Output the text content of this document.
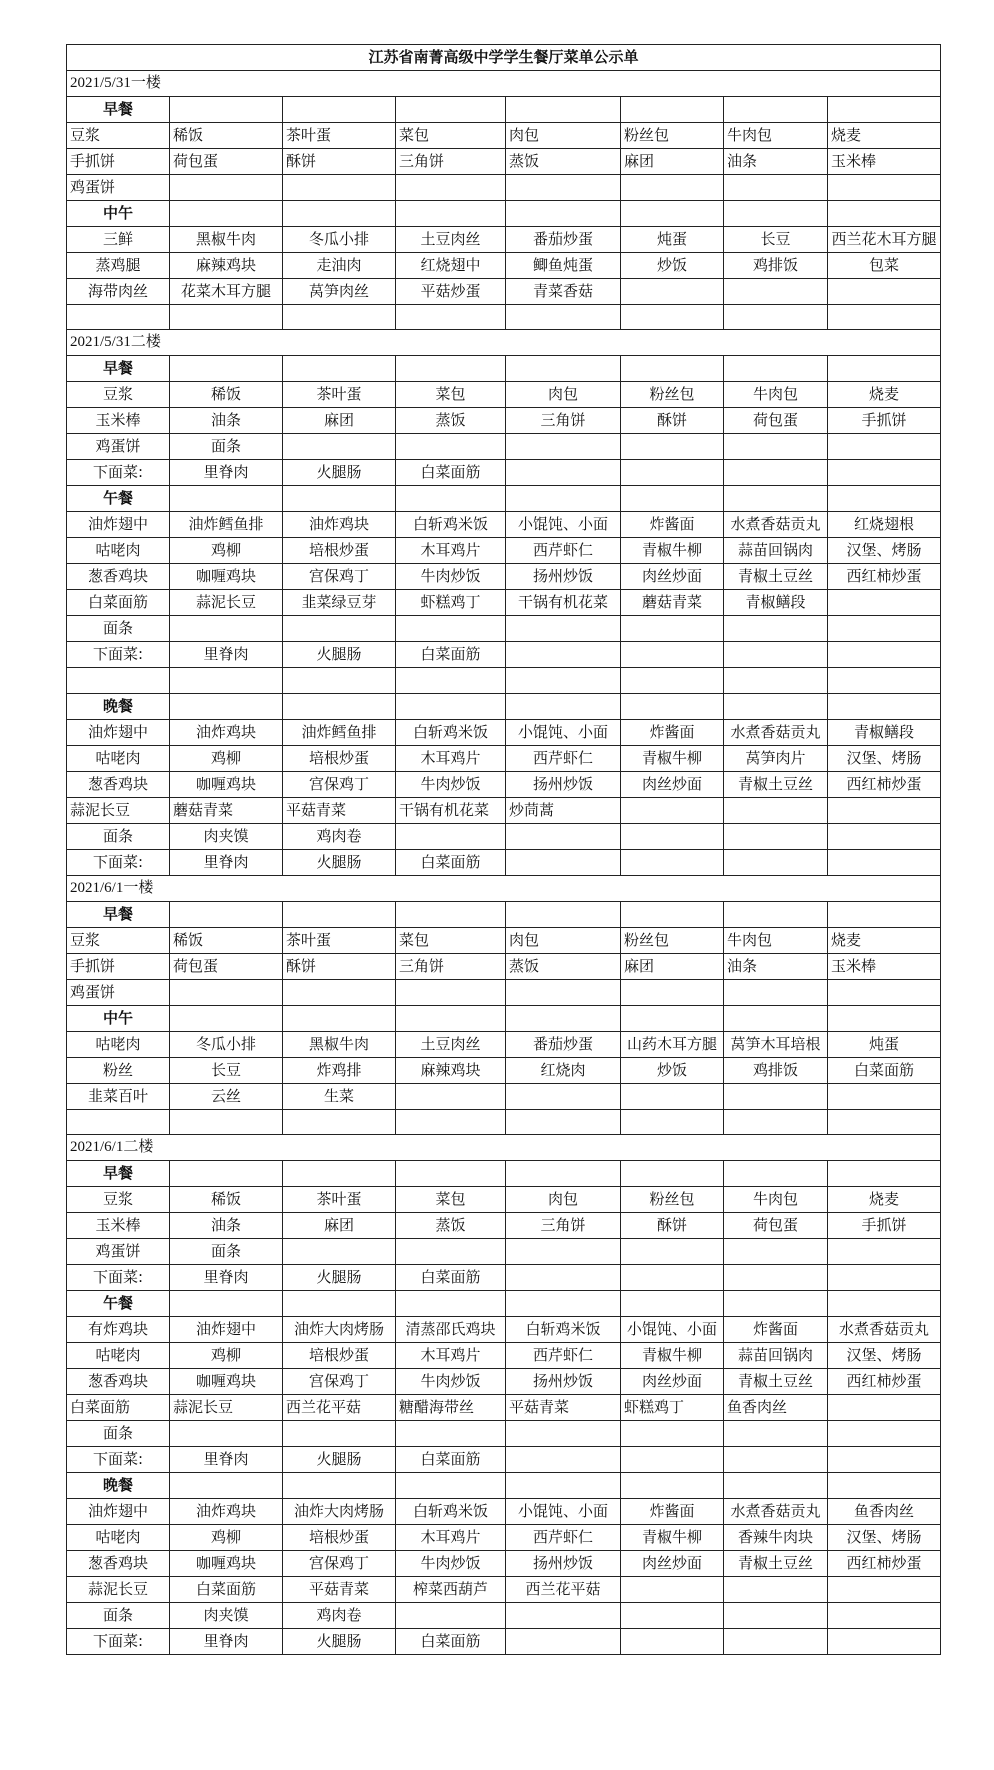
江苏省南菁高级中学学生餐厅菜单公示单							
2021/5/31一楼							
早餐							
豆浆	稀饭	茶叶蛋	菜包	肉包	粉丝包	牛肉包	烧麦
手抓饼	荷包蛋	酥饼	三角饼	蒸饭	麻团	油条	玉米棒
鸡蛋饼							
中午							
三鲜	黑椒牛肉	冬瓜小排	土豆肉丝	番茄炒蛋	炖蛋	长豆	西兰花木耳方腿
蒸鸡腿	麻辣鸡块	走油肉	红烧翅中	鲫鱼炖蛋	炒饭	鸡排饭	包菜
海带肉丝	花菜木耳方腿	莴笋肉丝	平菇炒蛋	青菜香菇			

2021/5/31二楼							
早餐							
豆浆	稀饭	茶叶蛋	菜包	肉包	粉丝包	牛肉包	烧麦
玉米棒	油条	麻团	蒸饭	三角饼	酥饼	荷包蛋	手抓饼
鸡蛋饼	面条						
下面菜:	里脊肉	火腿肠	白菜面筋				
午餐							
油炸翅中	油炸鳕鱼排	油炸鸡块	白斩鸡米饭	小馄饨、小面	炸酱面	水煮香菇贡丸	红烧翅根
咕咾肉	鸡柳	培根炒蛋	木耳鸡片	西芹虾仁	青椒牛柳	蒜苗回锅肉	汉堡、烤肠
葱香鸡块	咖喱鸡块	宫保鸡丁	牛肉炒饭	扬州炒饭	肉丝炒面	青椒土豆丝	西红柿炒蛋
白菜面筋	蒜泥长豆	韭菜绿豆芽	虾糕鸡丁	干锅有机花菜	蘑菇青菜	青椒鳝段	
面条							
下面菜:	里脊肉	火腿肠	白菜面筋				

晚餐							
油炸翅中	油炸鸡块	油炸鳕鱼排	白斩鸡米饭	小馄饨、小面	炸酱面	水煮香菇贡丸	青椒鳝段
咕咾肉	鸡柳	培根炒蛋	木耳鸡片	西芹虾仁	青椒牛柳	莴笋肉片	汉堡、烤肠
葱香鸡块	咖喱鸡块	宫保鸡丁	牛肉炒饭	扬州炒饭	肉丝炒面	青椒土豆丝	西红柿炒蛋
蒜泥长豆	蘑菇青菜	平菇青菜	干锅有机花菜	炒茼蒿			
面条	肉夹馍	鸡肉卷					
下面菜:	里脊肉	火腿肠	白菜面筋				
2021/6/1一楼							
早餐							
豆浆	稀饭	茶叶蛋	菜包	肉包	粉丝包	牛肉包	烧麦
手抓饼	荷包蛋	酥饼	三角饼	蒸饭	麻团	油条	玉米棒
鸡蛋饼							
中午							
咕咾肉	冬瓜小排	黑椒牛肉	土豆肉丝	番茄炒蛋	山药木耳方腿	莴笋木耳培根	炖蛋
粉丝	长豆	炸鸡排	麻辣鸡块	红烧肉	炒饭	鸡排饭	白菜面筋
韭菜百叶	云丝	生菜					

2021/6/1二楼							
早餐							
豆浆	稀饭	茶叶蛋	菜包	肉包	粉丝包	牛肉包	烧麦
玉米棒	油条	麻团	蒸饭	三角饼	酥饼	荷包蛋	手抓饼
鸡蛋饼	面条						
下面菜:	里脊肉	火腿肠	白菜面筋				
午餐							
有炸鸡块	油炸翅中	油炸大肉烤肠	清蒸邵氏鸡块	白斩鸡米饭	小馄饨、小面	炸酱面	水煮香菇贡丸
咕咾肉	鸡柳	培根炒蛋	木耳鸡片	西芹虾仁	青椒牛柳	蒜苗回锅肉	汉堡、烤肠
葱香鸡块	咖喱鸡块	宫保鸡丁	牛肉炒饭	扬州炒饭	肉丝炒面	青椒土豆丝	西红柿炒蛋
白菜面筋	蒜泥长豆	西兰花平菇	糖醋海带丝	平菇青菜	虾糕鸡丁	鱼香肉丝	
面条							
下面菜:	里脊肉	火腿肠	白菜面筋				
晚餐							
油炸翅中	油炸鸡块	油炸大肉烤肠	白斩鸡米饭	小馄饨、小面	炸酱面	水煮香菇贡丸	鱼香肉丝
咕咾肉	鸡柳	培根炒蛋	木耳鸡片	西芹虾仁	青椒牛柳	香辣牛肉块	汉堡、烤肠
葱香鸡块	咖喱鸡块	宫保鸡丁	牛肉炒饭	扬州炒饭	肉丝炒面	青椒土豆丝	西红柿炒蛋
蒜泥长豆	白菜面筋	平菇青菜	榨菜西葫芦	西兰花平菇			
面条	肉夹馍	鸡肉卷					
下面菜:	里脊肉	火腿肠	白菜面筋				
